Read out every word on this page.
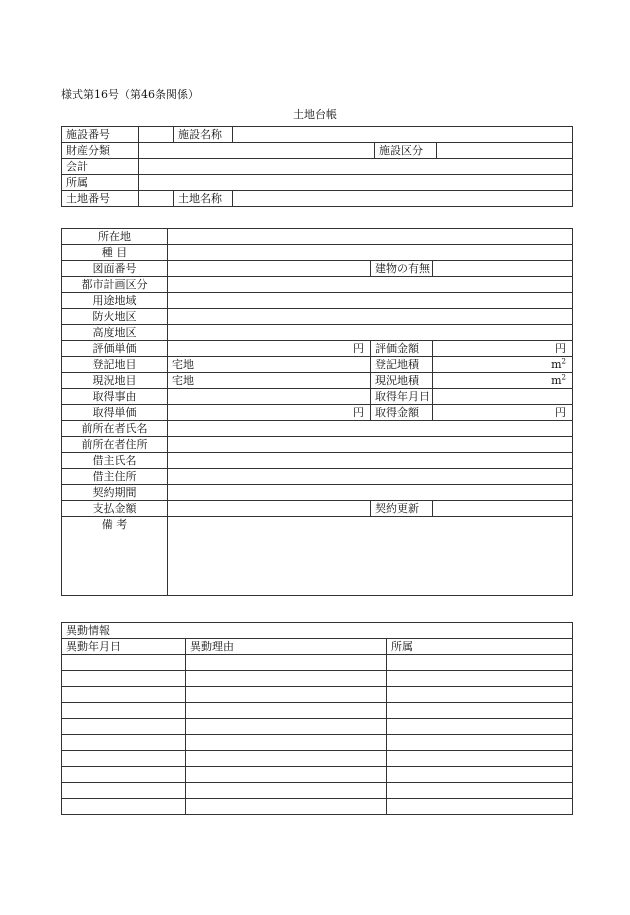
様式第16号（第46条関係）
土地台帳
施設番号		施設名称			
財産分類				施設区分	
会計					
所属					
土地番号		土地名称			
所在地			
種 目			
図面番号		建物の有無	
都市計画区分			
用途地域			
防火地区			
高度地区			
評価単価	円	評価金額	円
登記地目	宅地	登記地積	$m^2$
現況地目	宅地	現況地積	$m^2$
取得事由		取得年月日	
取得単価	円	取得金額	円
前所在者氏名			
前所在者住所			
借主氏名			
借主住所			
契約期間			
支払金額		契約更新	
備 考			
異動情報		
異動年月日	異動理由	所属
